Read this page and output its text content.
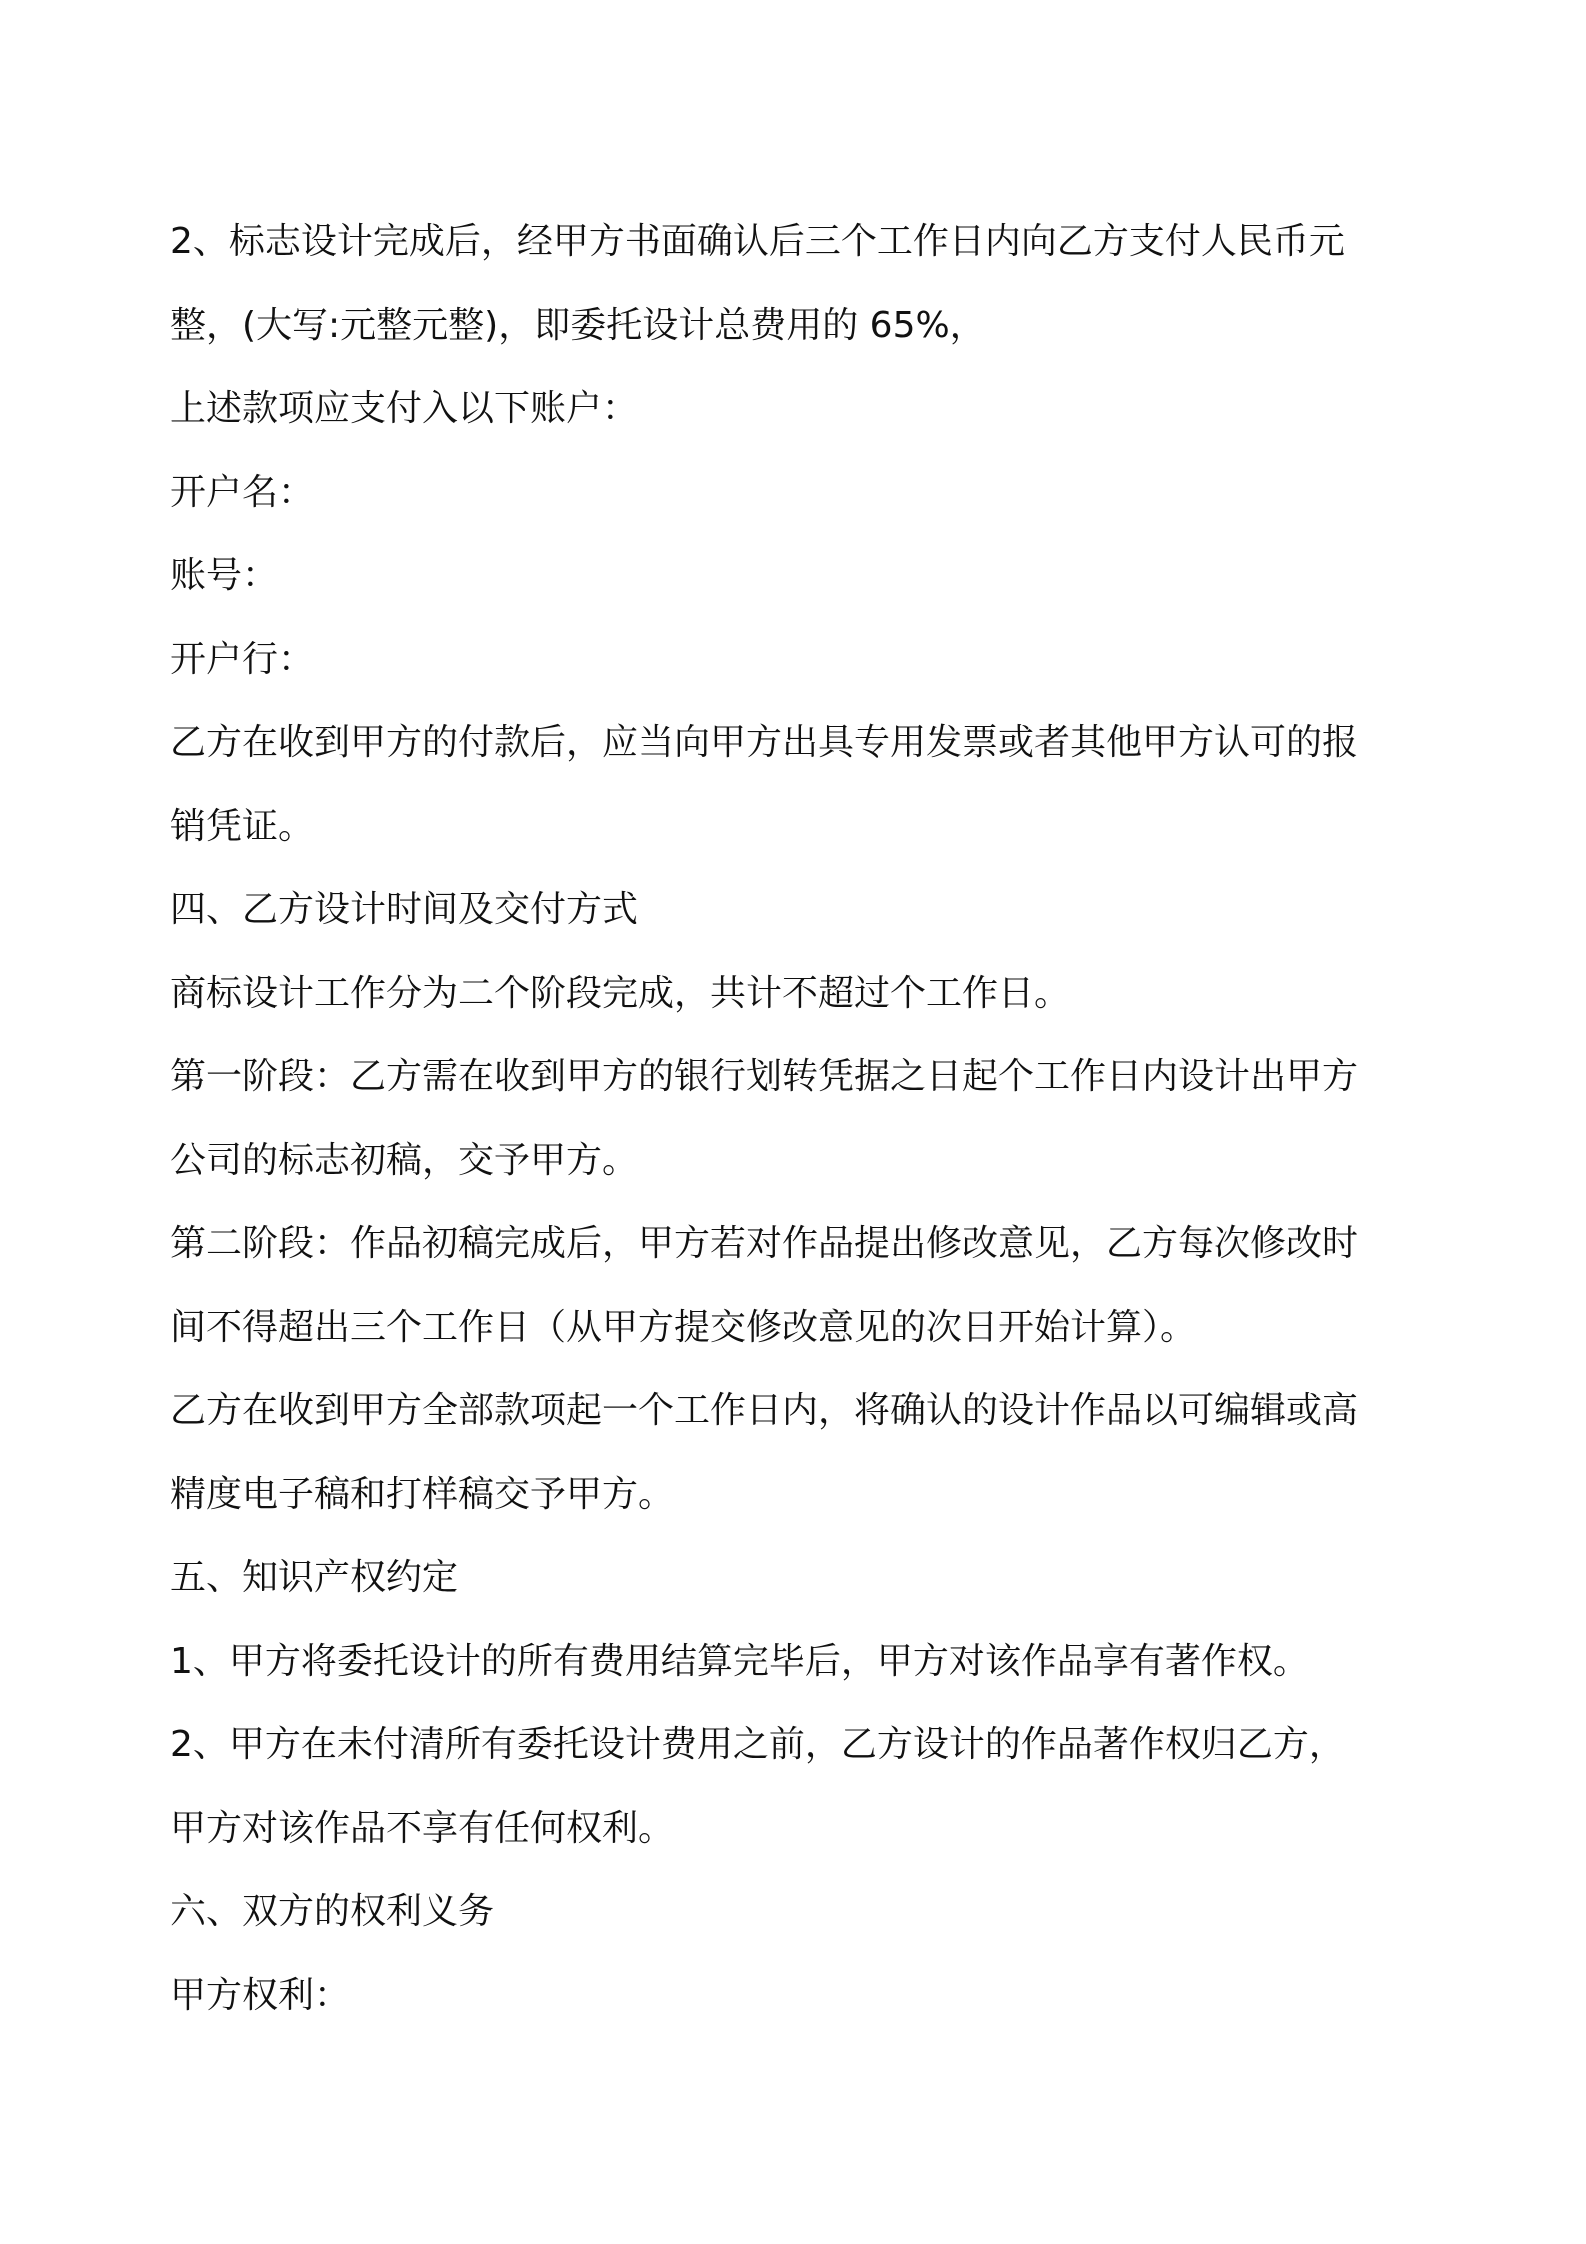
2、标志设计完成后，经甲方书面确认后三个工作日内向乙方支付人民币元

整，(大写:元整元整)，即委托设计总费用的 65%，

上述款项应支付入以下账户：

开户名：

账号：

开户行：

乙方在收到甲方的付款后，应当向甲方出具专用发票或者其他甲方认可的报

销凭证。

四、乙方设计时间及交付方式

商标设计工作分为二个阶段完成，共计不超过个工作日。

第一阶段：乙方需在收到甲方的银行划转凭据之日起个工作日内设计出甲方

公司的标志初稿，交予甲方。

第二阶段：作品初稿完成后，甲方若对作品提出修改意见，乙方每次修改时

间不得超出三个工作日（从甲方提交修改意见的次日开始计算）。

乙方在收到甲方全部款项起一个工作日内，将确认的设计作品以可编辑或高

精度电子稿和打样稿交予甲方。

五、知识产权约定

1、甲方将委托设计的所有费用结算完毕后，甲方对该作品享有著作权。

2、甲方在未付清所有委托设计费用之前，乙方设计的作品著作权归乙方，

甲方对该作品不享有任何权利。

六、双方的权利义务

甲方权利：
